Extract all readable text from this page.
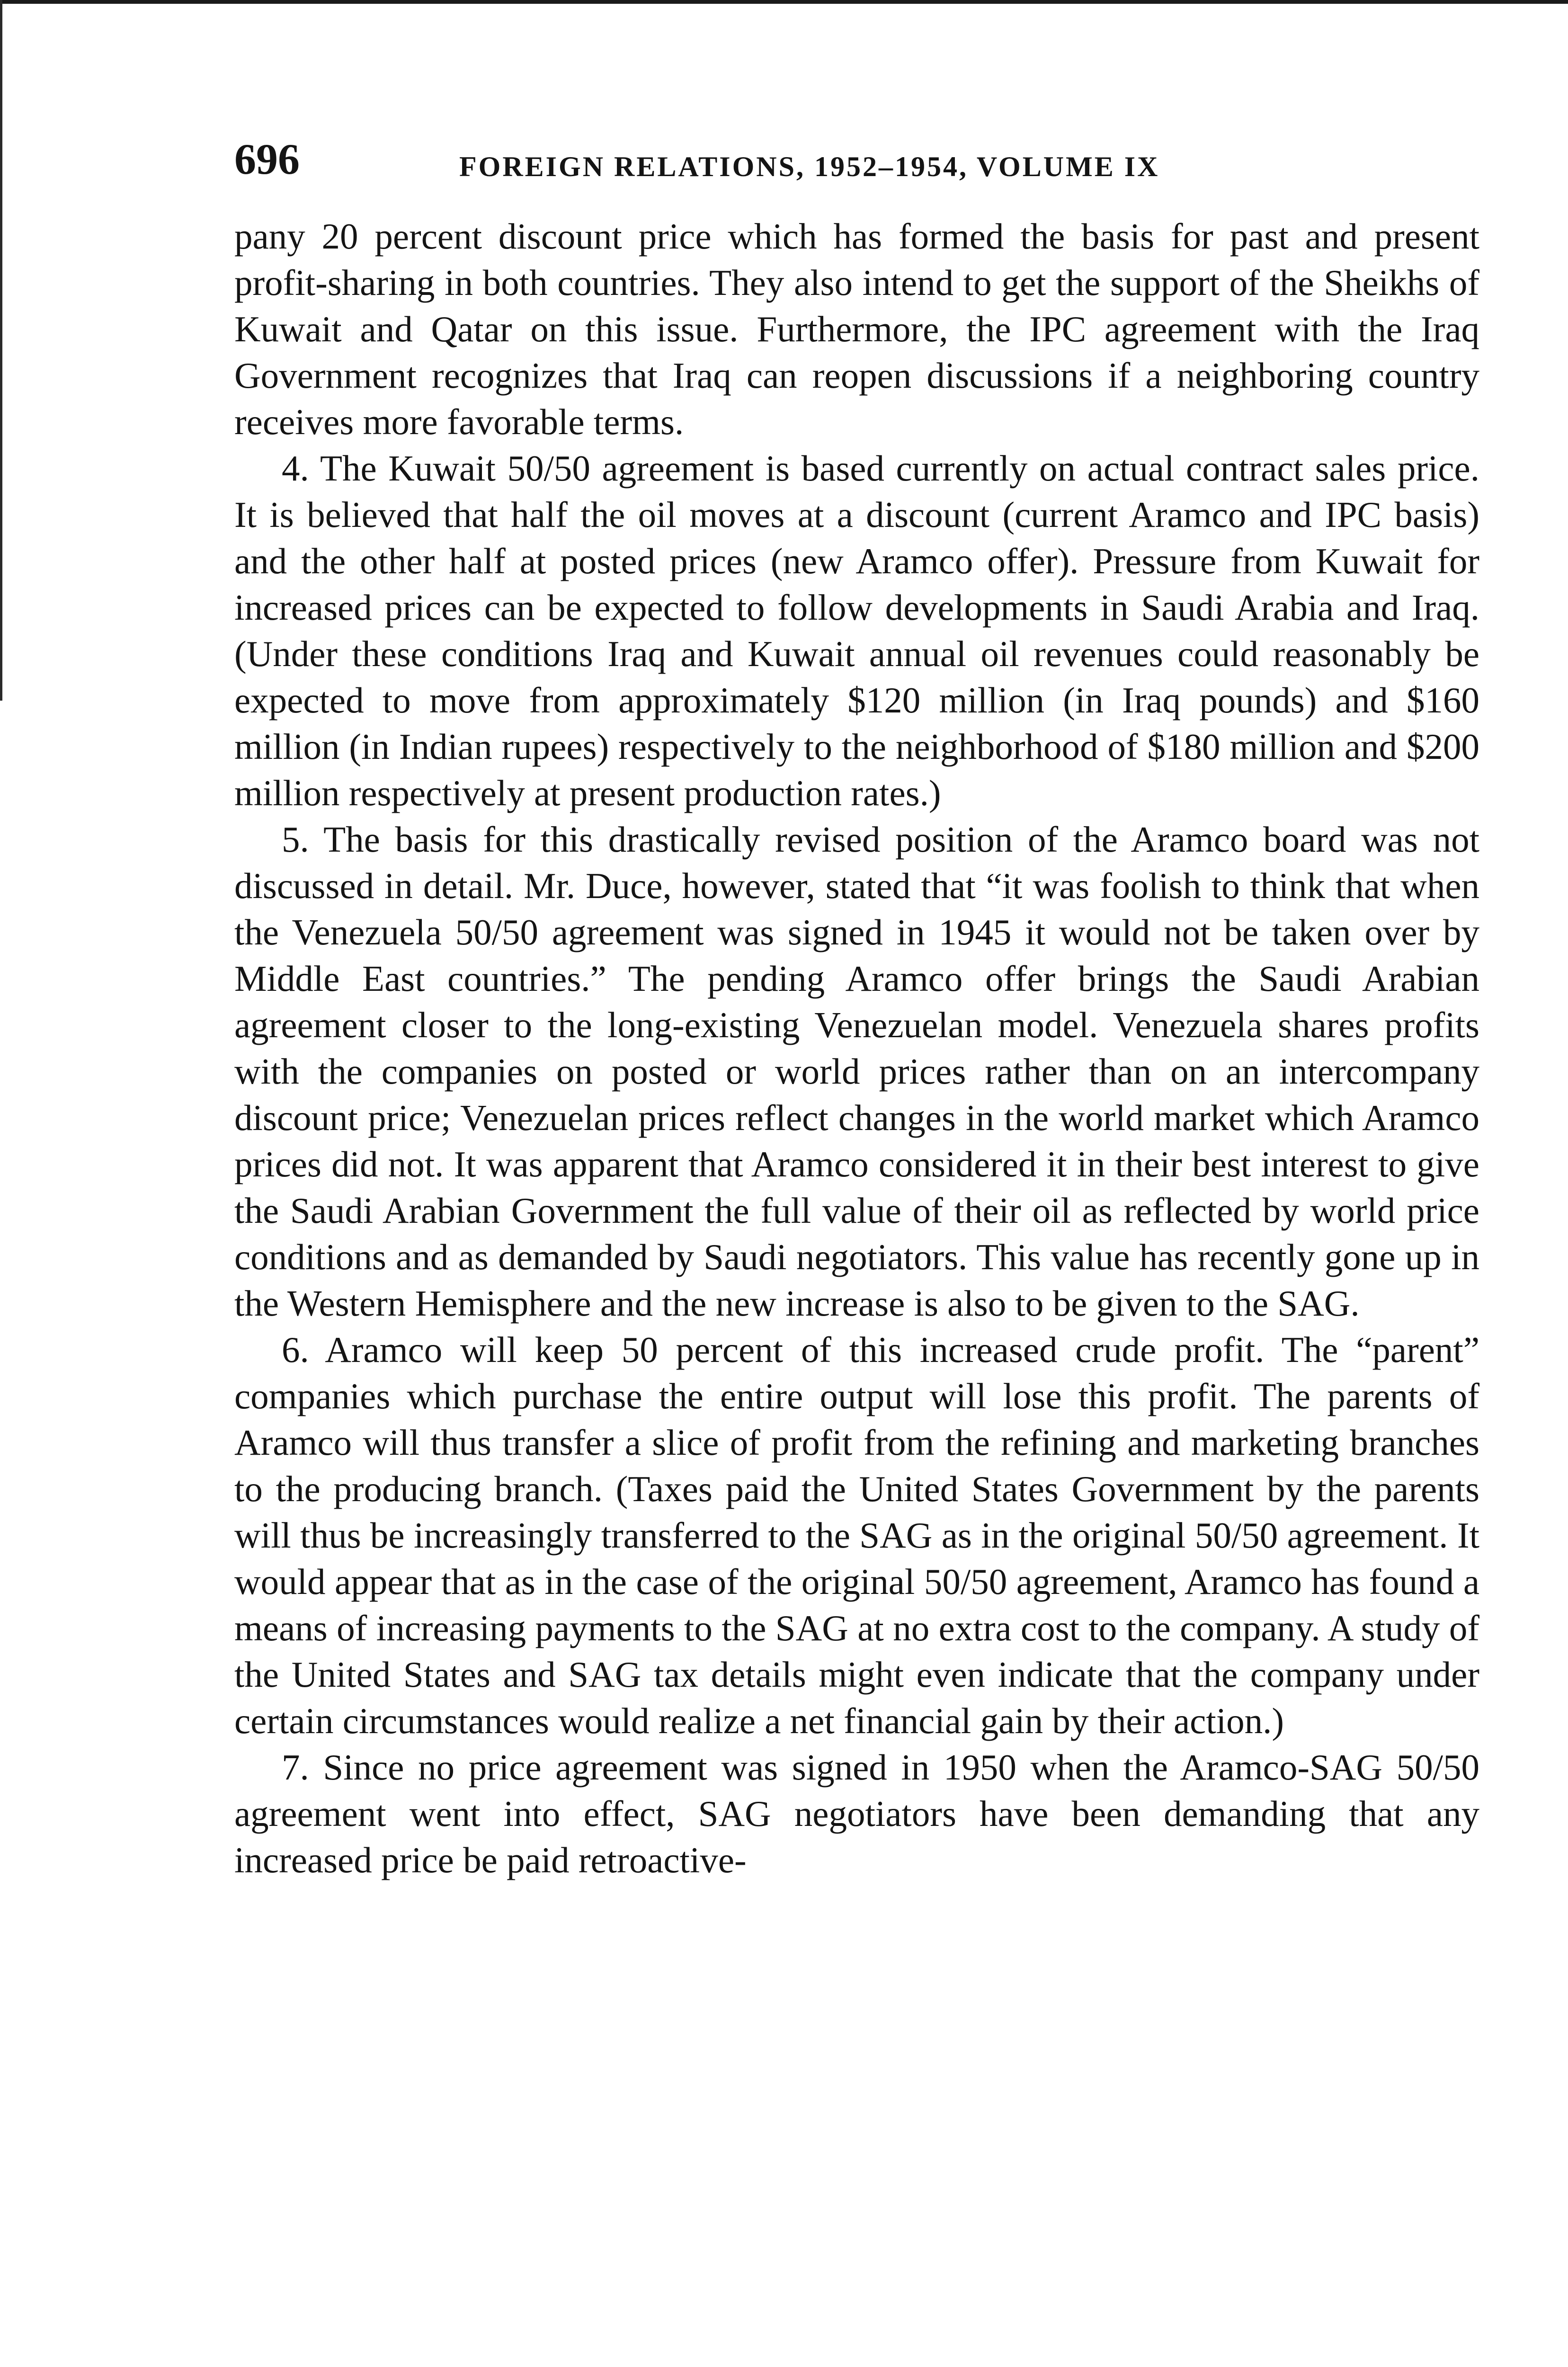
696	FOREIGN RELATIONS, 1952–1954, VOLUME IX

pany 20 percent discount price which has formed the basis for past and present profit-sharing in both countries. They also intend to get the support of the Sheikhs of Kuwait and Qatar on this issue. Furthermore, the IPC agreement with the Iraq Government recognizes that Iraq can reopen discussions if a neighboring country receives more favorable terms.

4. The Kuwait 50/50 agreement is based currently on actual contract sales price. It is believed that half the oil moves at a discount (current Aramco and IPC basis) and the other half at posted prices (new Aramco offer). Pressure from Kuwait for increased prices can be expected to follow developments in Saudi Arabia and Iraq. (Under these conditions Iraq and Kuwait annual oil revenues could reasonably be expected to move from approximately $120 million (in Iraq pounds) and $160 million (in Indian rupees) respectively to the neighborhood of $180 million and $200 million respectively at present production rates.)

5. The basis for this drastically revised position of the Aramco board was not discussed in detail. Mr. Duce, however, stated that “it was foolish to think that when the Venezuela 50/50 agreement was signed in 1945 it would not be taken over by Middle East countries.” The pending Aramco offer brings the Saudi Arabian agreement closer to the long-existing Venezuelan model. Venezuela shares profits with the companies on posted or world prices rather than on an intercompany discount price; Venezuelan prices reflect changes in the world market which Aramco prices did not. It was apparent that Aramco considered it in their best interest to give the Saudi Arabian Government the full value of their oil as reflected by world price conditions and as demanded by Saudi negotiators. This value has recently gone up in the Western Hemisphere and the new increase is also to be given to the SAG.

6. Aramco will keep 50 percent of this increased crude profit. The “parent” companies which purchase the entire output will lose this profit. The parents of Aramco will thus transfer a slice of profit from the refining and marketing branches to the producing branch. (Taxes paid the United States Government by the parents will thus be increasingly transferred to the SAG as in the original 50/50 agreement. It would appear that as in the case of the original 50/50 agreement, Aramco has found a means of increasing payments to the SAG at no extra cost to the company. A study of the United States and SAG tax details might even indicate that the company under certain circumstances would realize a net financial gain by their action.)

7. Since no price agreement was signed in 1950 when the Aramco-SAG 50/50 agreement went into effect, SAG negotiators have been demanding that any increased price be paid retroactive-
